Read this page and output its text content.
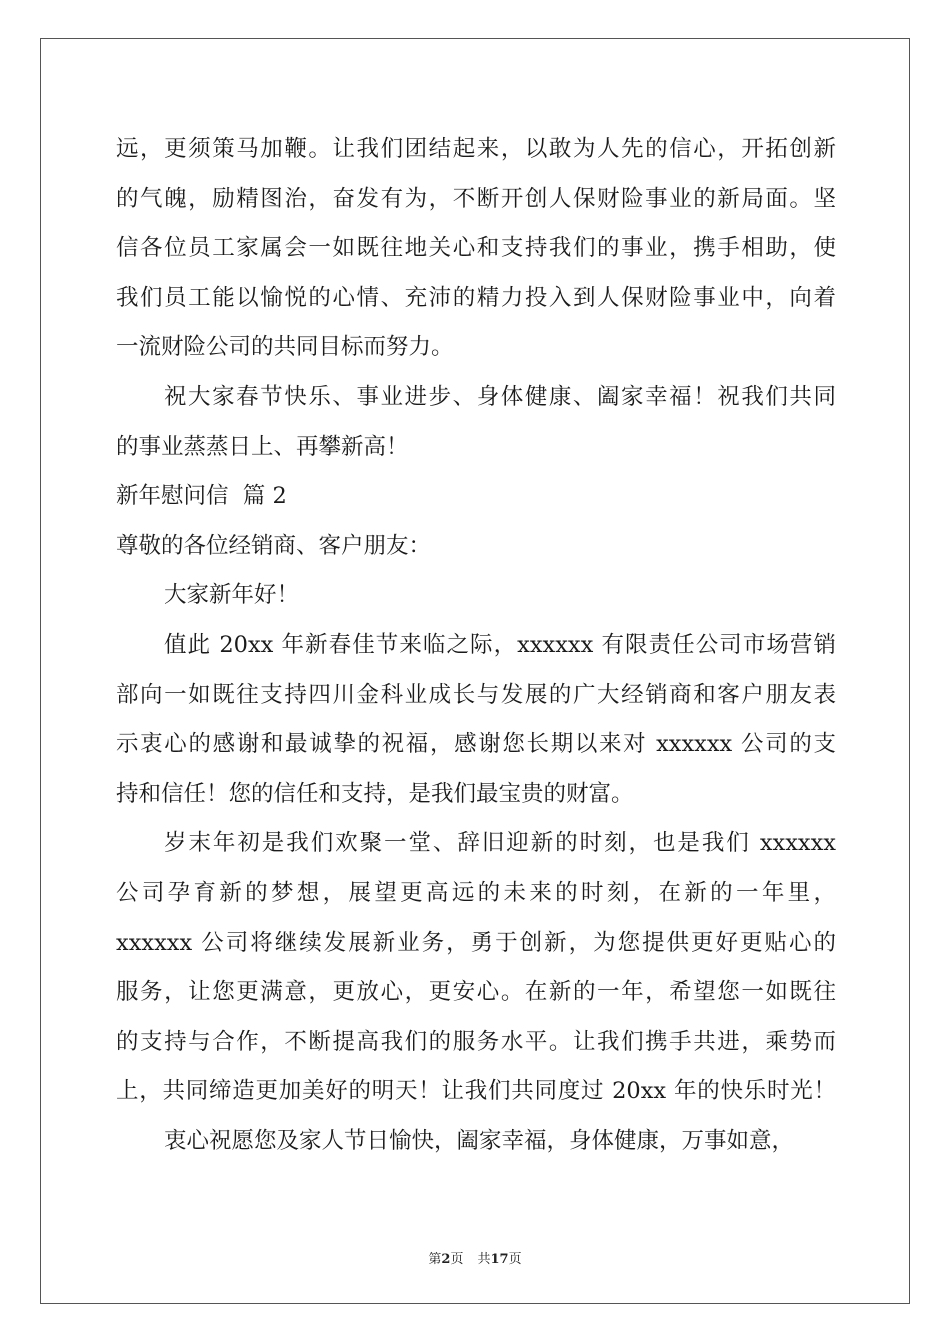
远，更须策马加鞭。让我们团结起来，以敢为人先的信心，开拓创新
的气魄，励精图治，奋发有为，不断开创人保财险事业的新局面。坚
信各位员工家属会一如既往地关心和支持我们的事业，携手相助，使
我们员工能以愉悦的心情、充沛的精力投入到人保财险事业中，向着
一流财险公司的共同目标而努力。
祝大家春节快乐、事业进步、身体健康、阖家幸福！祝我们共同
的事业蒸蒸日上、再攀新高！
新年慰问信  篇 2
尊敬的各位经销商、客户朋友：
大家新年好！
值此 20xx 年新春佳节来临之际，xxxxxx 有限责任公司市场营销
部向一如既往支持四川金科业成长与发展的广大经销商和客户朋友表
示衷心的感谢和最诚挚的祝福，感谢您长期以来对 xxxxxx 公司的支
持和信任！您的信任和支持，是我们最宝贵的财富。
岁末年初是我们欢聚一堂、辞旧迎新的时刻，也是我们 xxxxxx
公司孕育新的梦想，展望更高远的未来的时刻，在新的一年里，
xxxxxx 公司将继续发展新业务，勇于创新，为您提供更好更贴心的
服务，让您更满意，更放心，更安心。在新的一年，希望您一如既往
的支持与合作，不断提高我们的服务水平。让我们携手共进，乘势而
上，共同缔造更加美好的明天！让我们共同度过 20xx 年的快乐时光！
衷心祝愿您及家人节日愉快，阖家幸福，身体健康，万事如意，
第2页 共17页
